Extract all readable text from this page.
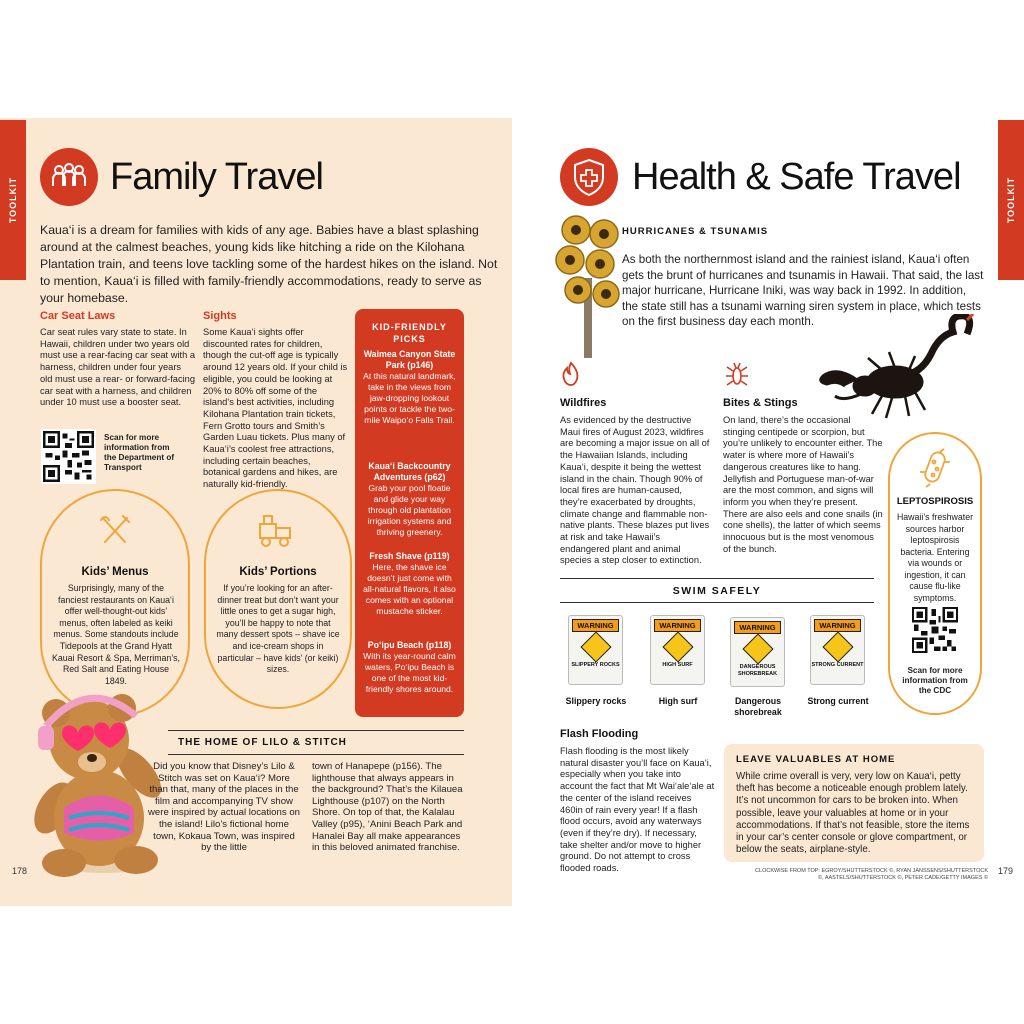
TOOLKIT Family Travel

Kaua‘i is a dream for families with kids of any age. Babies have a blast splashing around at the calmest beaches, young kids like hitching a ride on the Kilohana Plantation train, and teens love tackling some of the hardest hikes on the island. Not to mention, Kaua‘i is filled with family-friendly accommodations, ready to serve as your homebase.

Car Seat Laws

Car seat rules vary state to state. In Hawaii, children under two years old must use a rear-facing car seat with a harness, children under four years old must use a rear- or forward-facing car seat with a harness, and children under 10 must use a booster seat.

Scan for more information from the Department of Transport

Sights

Some Kaua‘i sights offer discounted rates for children, though the cut-off age is typically around 12 years old. If your child is eligible, you could be looking at 20% to 80% off some of the island’s best activities, including Kilohana Plantation train tickets, Fern Grotto tours and Smith’s Garden Luau tickets. Plus many of Kaua‘i’s coolest free attractions, including certain beaches, botanical gardens and hikes, are naturally kid-friendly.

KID-FRIENDLY
PICKS
Waimea Canyon State Park (p146)
At this natural landmark, take in the views from jaw-dropping lookout points or tackle the two-mile Waipo‘o Falls Trail.
Kaua‘i Backcountry Adventures (p62)
Grab your pool floatie and glide your way through old plantation irrigation systems and thriving greenery.
Fresh Shave (p119)
Here, the shave ice doesn’t just come with all-natural flavors, it also comes with an optional mustache sticker.
Po‘ipu Beach (p118)
With its year-round calm waters, Po‘ipu Beach is one of the most kid-friendly shores around.
Kids’ Menus

Surprisingly, many of the fanciest restaurants on Kaua‘i offer well-thought-out kids’ menus, often labeled as keiki menus. Some standouts include Tidepools at the Grand Hyatt Kauai Resort & Spa, Merriman’s, Red Salt and Eating House 1849.

Kids’ Portions

If you’re looking for an after-dinner treat but don’t want your little ones to get a sugar high, you’ll be happy to note that many dessert spots – shave ice and ice-cream shops in particular – have kids’ (or keiki) sizes.

THE HOME OF LILO & STITCH

Did you know that Disney’s Lilo & Stitch was set on Kaua‘i? More than that, many of the places in the film and accompanying TV show were inspired by actual locations on the island! Lilo’s fictional home town, Kokaua Town, was inspired by the little

town of Hanapepe (p156). The lighthouse that always appears in the background? That’s the Kilauea Lighthouse (p107) on the North Shore. On top of that, the Kalalau Valley (p95), ‘Anini Beach Park and Hanalei Bay all make appearances in this beloved animated franchise.

178
TOOLKIT
Health & Safe Travel
HURRICANES & TSUNAMIS

As both the northernmost island and the rainiest island, Kaua‘i often gets the brunt of hurricanes and tsunamis in Hawaii. That said, the last major hurricane, Hurricane Iniki, was way back in 1992. In addition, the state still has a tsunami warning siren system in place, which tests on the first business day each month.

Wildfires

As evidenced by the destructive Maui fires of August 2023, wildfires are becoming a major issue on all of the Hawaiian Islands, including Kaua‘i, despite it being the wettest island in the chain. Though 90% of local fires are human-caused, they’re exacerbated by droughts, climate change and flammable non-native plants. These blazes put lives at risk and take Hawaii’s endangered plant and animal species a step closer to extinction.

Bites & Stings

On land, there’s the occasional stinging centipede or scorpion, but you’re unlikely to encounter either. The water is where more of Hawaii’s dangerous creatures like to hang. Jellyfish and Portuguese man-of-war are the most common, and signs will inform you when they’re present. There are also eels and cone snails (in cone shells), the latter of which seems innocuous but is the most venomous of the bunch.

LEPTOSPIROSIS

Hawaii’s freshwater sources harbor leptospirosis bacteria. Entering via wounds or ingestion, it can cause flu-like symptoms.

Scan for more information from the CDC

SWIM SAFELY
WARNING
SLIPPERY ROCKS
WARNING
HIGH SURF
WARNING
DANGEROUS SHOREBREAK
WARNING
STRONG CURRENT
Slippery rocks	High surf	Dangerous shorebreak
Strong current
Flash Flooding

Flash flooding is the most likely natural disaster you’ll face on Kaua‘i, especially when you take into account the fact that Mt Wai‘ale‘ale at the center of the island receives 460in of rain every year! If a flash flood occurs, avoid any waterways (even if they’re dry). If necessary, take shelter and/or move to higher ground. Do not attempt to cross flooded roads.

LEAVE VALUABLES AT HOME

While crime overall is very, very low on Kaua‘i, petty theft has become a noticeable enough problem lately. It’s not uncommon for cars to be broken into. When possible, leave your valuables at home or in your accommodations. If that’s not feasible, store the items in your car’s center console or glove compartment, or below the seats, airplane-style.

CLOCKWISE FROM TOP: EGROY/SHUTTERSTOCK ©, RYAN JANSSENS/SHUTTERSTOCK ©, AASTELS/SHUTTERSTOCK ©, PETER CADE/GETTY IMAGES ©

179
